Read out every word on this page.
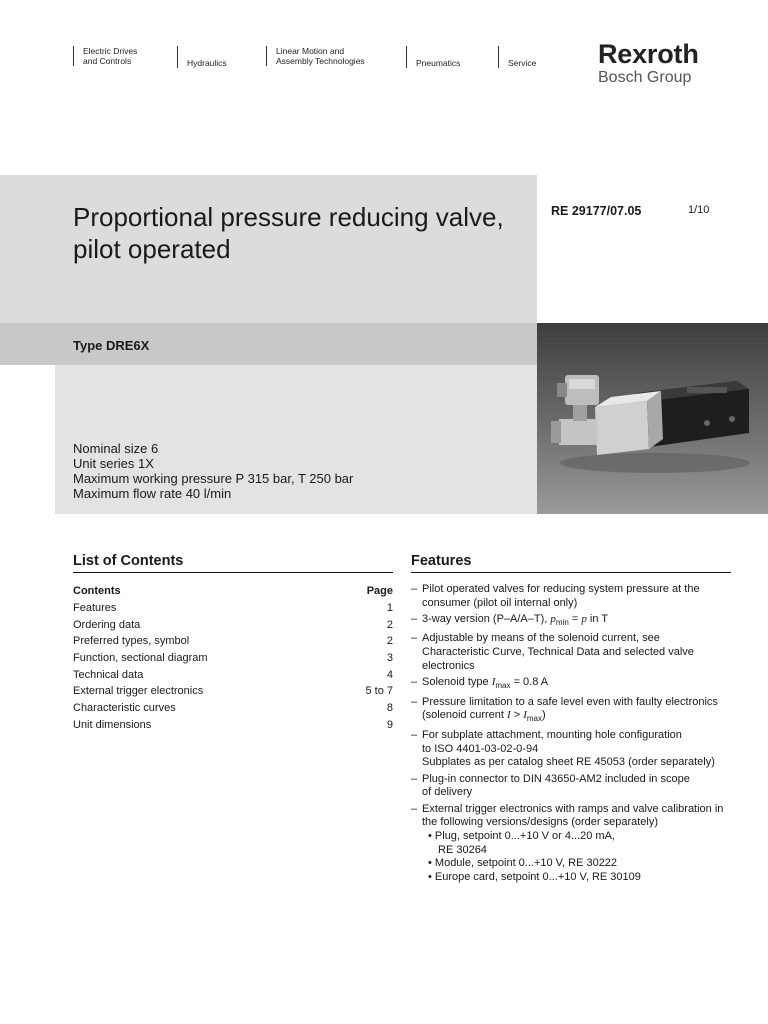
Electric Drives
and Controls	Hydraulics
Linear Motion and
Assembly Technologies	Pneumatics	Service Rexroth
Bosch Group
Proportional pressure reducing valve, pilot operated
RE 29177/07.05	1/10
Type DRE6X
Nominal size 6
Unit series 1X
Maximum working pressure P 315 bar, T 250 bar
Maximum flow rate 40 l/min
List of Contents
Contents	Page
Features	1
Ordering data	2
Preferred types, symbol	2
Function, sectional diagram	3
Technical data	4
External trigger electronics	5 to 7
Characteristic curves	8
Unit dimensions	9
Features
– Pilot operated valves for reducing system pressure at the
consumer (pilot oil internal only)
– 3-way version (P–A/A–T), $p_{min} = p$ in T
– Adjustable by means of the solenoid current, see
Characteristic Curve, Technical Data and selected valve
electronics
– Solenoid type $I_{max} = 0.8$ A
– Pressure limitation to a safe level even with faulty electronics
(solenoid current $I > I_{max}$)
– For subplate attachment, mounting hole configuration
to ISO 4401-03-02-0-94
Subplates as per catalog sheet RE 45053 (order separately)
– Plug-in connector to DIN 43650-AM2 included in scope
of delivery
– External trigger electronics with ramps and valve calibration in
the following versions/designs (order separately)
• Plug, setpoint 0...+10 V or 4...20 mA,
RE 30264
• Module, setpoint 0...+10 V, RE 30222
• Europe card, setpoint 0...+10 V, RE 30109
